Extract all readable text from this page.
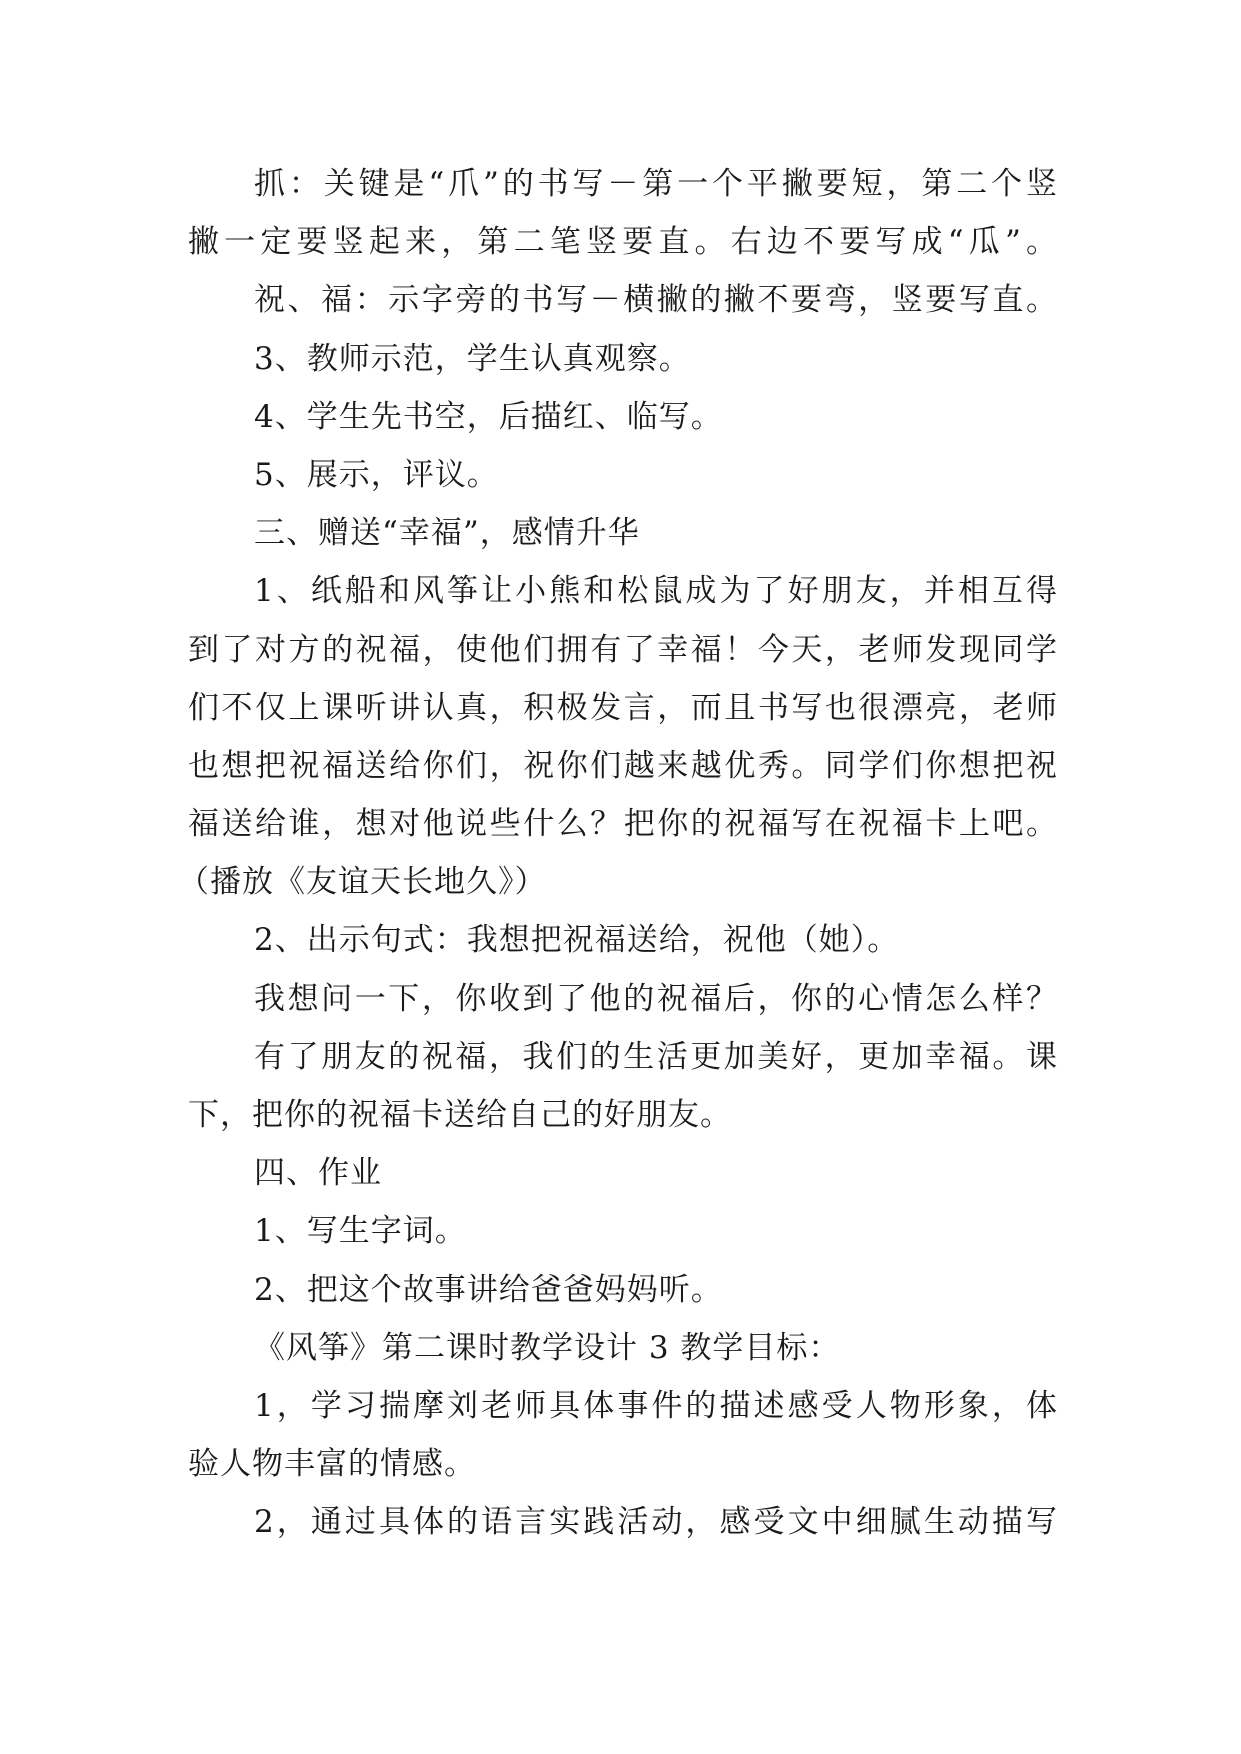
抓：关键是“爪”的书写－第一个平撇要短，第二个竖
撇一定要竖起来，第二笔竖要直。右边不要写成“瓜”。
祝、福：示字旁的书写－横撇的撇不要弯，竖要写直。
3、教师示范，学生认真观察。
4、学生先书空，后描红、临写。
5、展示，评议。
三、赠送“幸福”，感情升华
1、纸船和风筝让小熊和松鼠成为了好朋友，并相互得
到了对方的祝福，使他们拥有了幸福！今天，老师发现同学
们不仅上课听讲认真，积极发言，而且书写也很漂亮，老师
也想把祝福送给你们，祝你们越来越优秀。同学们你想把祝
福送给谁，想对他说些什么？把你的祝福写在祝福卡上吧。
（播放《友谊天长地久》）
2、出示句式：我想把祝福送给，祝他（她）。
我想问一下，你收到了他的祝福后，你的心情怎么样？
有了朋友的祝福，我们的生活更加美好，更加幸福。课
下，把你的祝福卡送给自己的好朋友。
四、作业
1、写生字词。
2、把这个故事讲给爸爸妈妈听。
《风筝》第二课时教学设计 3 教学目标：
1，学习揣摩刘老师具体事件的描述感受人物形象，体
验人物丰富的情感。
2，通过具体的语言实践活动，感受文中细腻生动描写
